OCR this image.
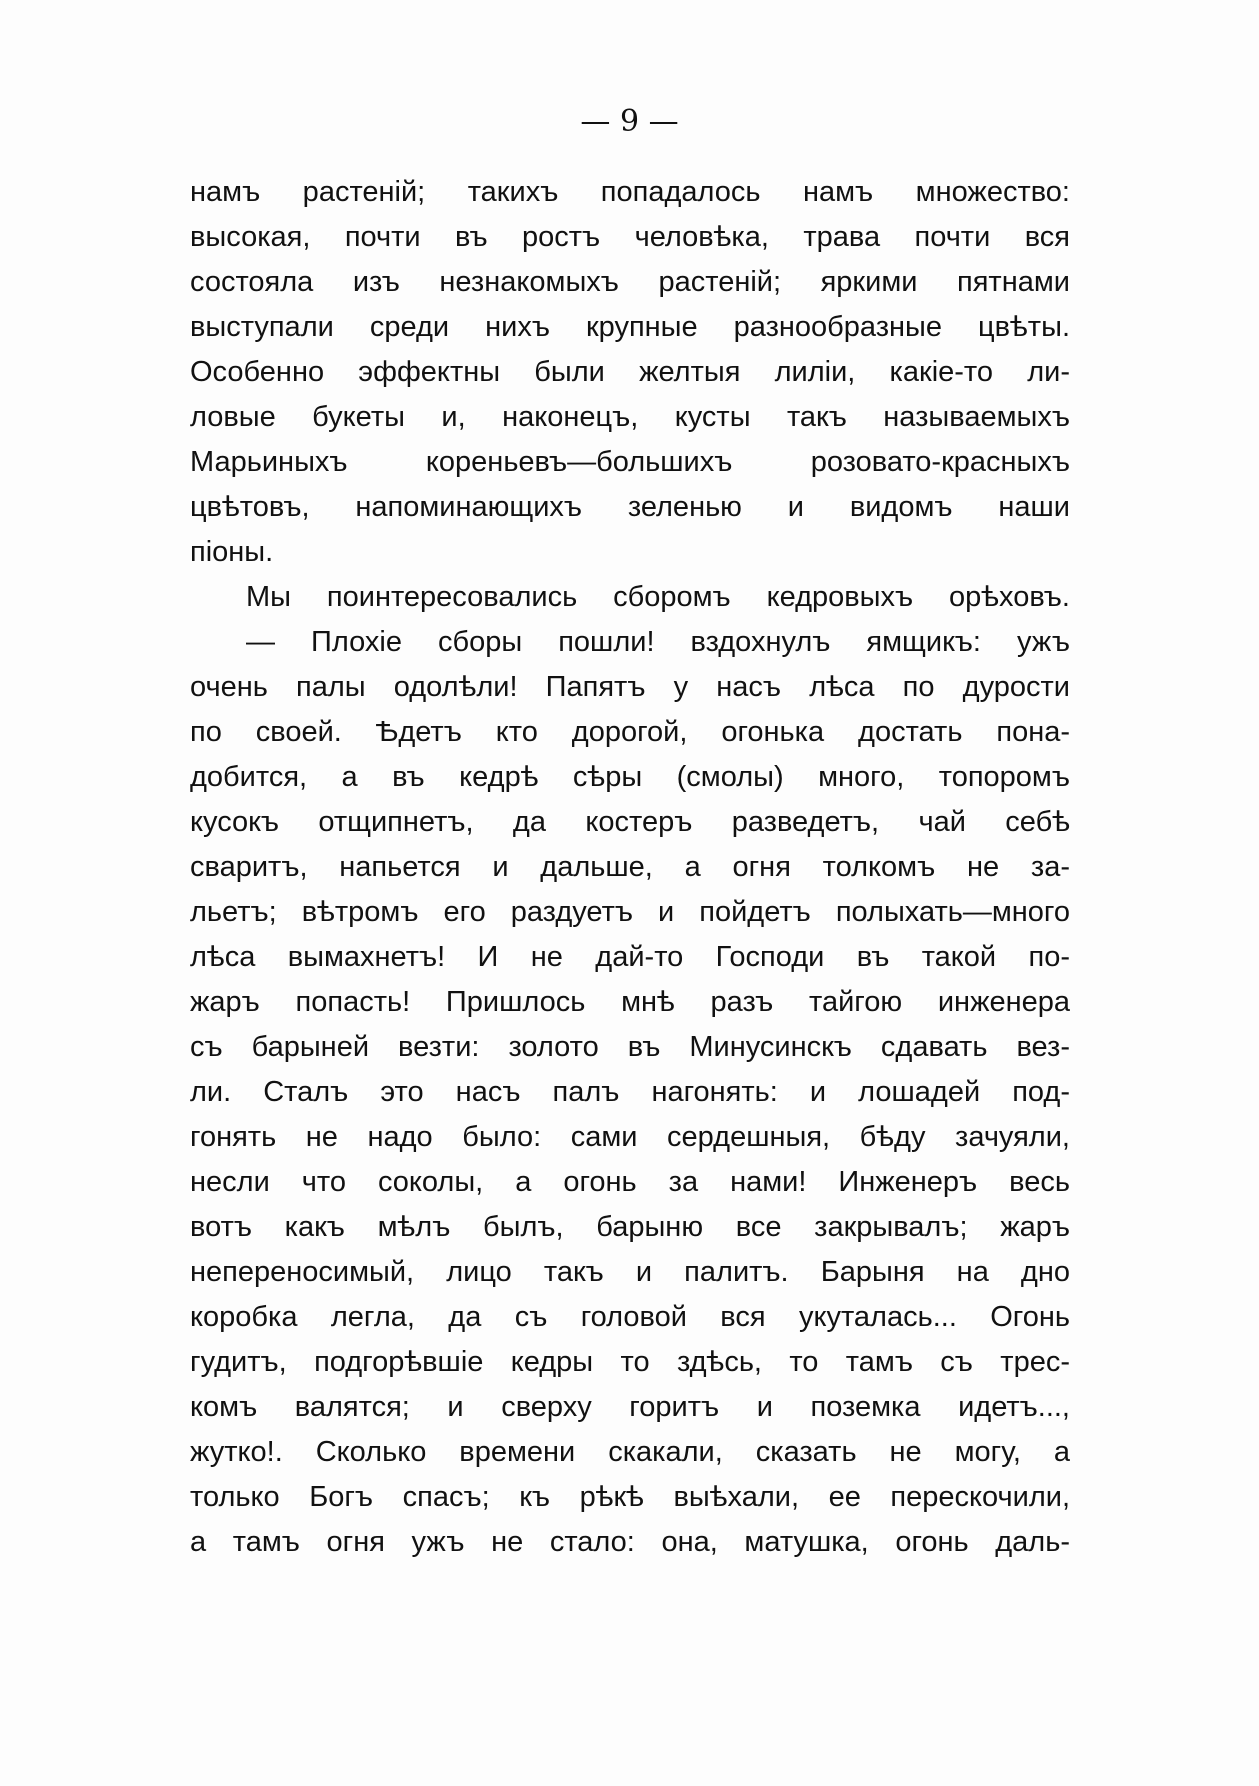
— 9 —
намъ растенiй; такихъ попадалось намъ множество:
высокая, почти въ ростъ человѣка, трава почти вся
состояла изъ незнакомыхъ растенiй; яркими пятнами
выступали среди нихъ крупные разнообразные цвѣты.
Особенно эффектны были желтыя лилiи, какiе-то ли-
ловые букеты и, наконецъ, кусты такъ называемыхъ
Марьиныхъ кореньевъ—большихъ розовато-красныхъ
цвѣтовъ, напоминающихъ зеленью и видомъ наши
пiоны.
Мы поинтересовались сборомъ кедровыхъ орѣховъ.
— Плохiе сборы пошли! вздохнулъ ямщикъ: ужъ
очень палы одолѣли! Папятъ у насъ лѣса по дурости
по своей. Ѣдетъ кто дорогой, огонька достать пона-
добится, а въ кедрѣ сѣры (смолы) много, топоромъ
кусокъ отщипнетъ, да костеръ разведетъ, чай себѣ
сваритъ, напьется и дальше, а огня толкомъ не за-
льетъ; вѣтромъ его раздуетъ и пойдетъ полыхать—много
лѣса вымахнетъ! И не дай-то Господи въ такой по-
жаръ попасть! Пришлось мнѣ разъ тайгою инженера
съ барыней везти: золото въ Минусинскъ сдавать вез-
ли. Сталъ это насъ палъ нагонять: и лошадей под-
гонять не надо было: сами сердешныя, бѣду зачуяли,
несли что соколы, а огонь за нами! Инженеръ весь
вотъ какъ мѣлъ былъ, барыню все закрывалъ; жаръ
непереносимый, лицо такъ и палитъ. Барыня на дно
коробка легла, да съ головой вся укуталась... Огонь
гудитъ, подгорѣвшiе кедры то здѣсь, то тамъ съ трес-
комъ валятся; и сверху горитъ и поземка идетъ...,
жутко!. Сколько времени скакали, сказать не могу, а
только Богъ спасъ; къ рѣкѣ выѣхали, ее перескочили,
а тамъ огня ужъ не стало: она, матушка, огонь даль-
